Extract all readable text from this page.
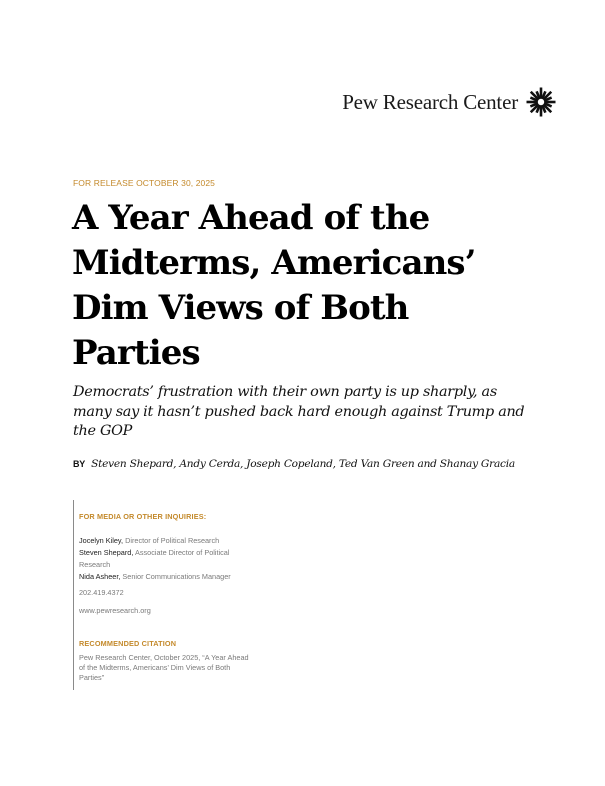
Pew Research Center
FOR RELEASE OCTOBER 30, 2025
A Year Ahead of the
Midterms, Americans’
Dim Views of Both
Parties

Democrats’ frustration with their own party is up sharply, as
many say it hasn’t pushed back hard enough against Trump and
the GOP

BY Steven Shepard, Andy Cerda, Joseph Copeland, Ted Van Green and Shanay Gracia
FOR MEDIA OR OTHER INQUIRIES:
Jocelyn Kiley, Director of Political Research
Steven Shepard, Associate Director of Political
Research
Nida Asheer, Senior Communications Manager
202.419.4372
www.pewresearch.org
RECOMMENDED CITATION
Pew Research Center, October 2025, “A Year Ahead
of the Midterms, Americans’ Dim Views of Both
Parties”
